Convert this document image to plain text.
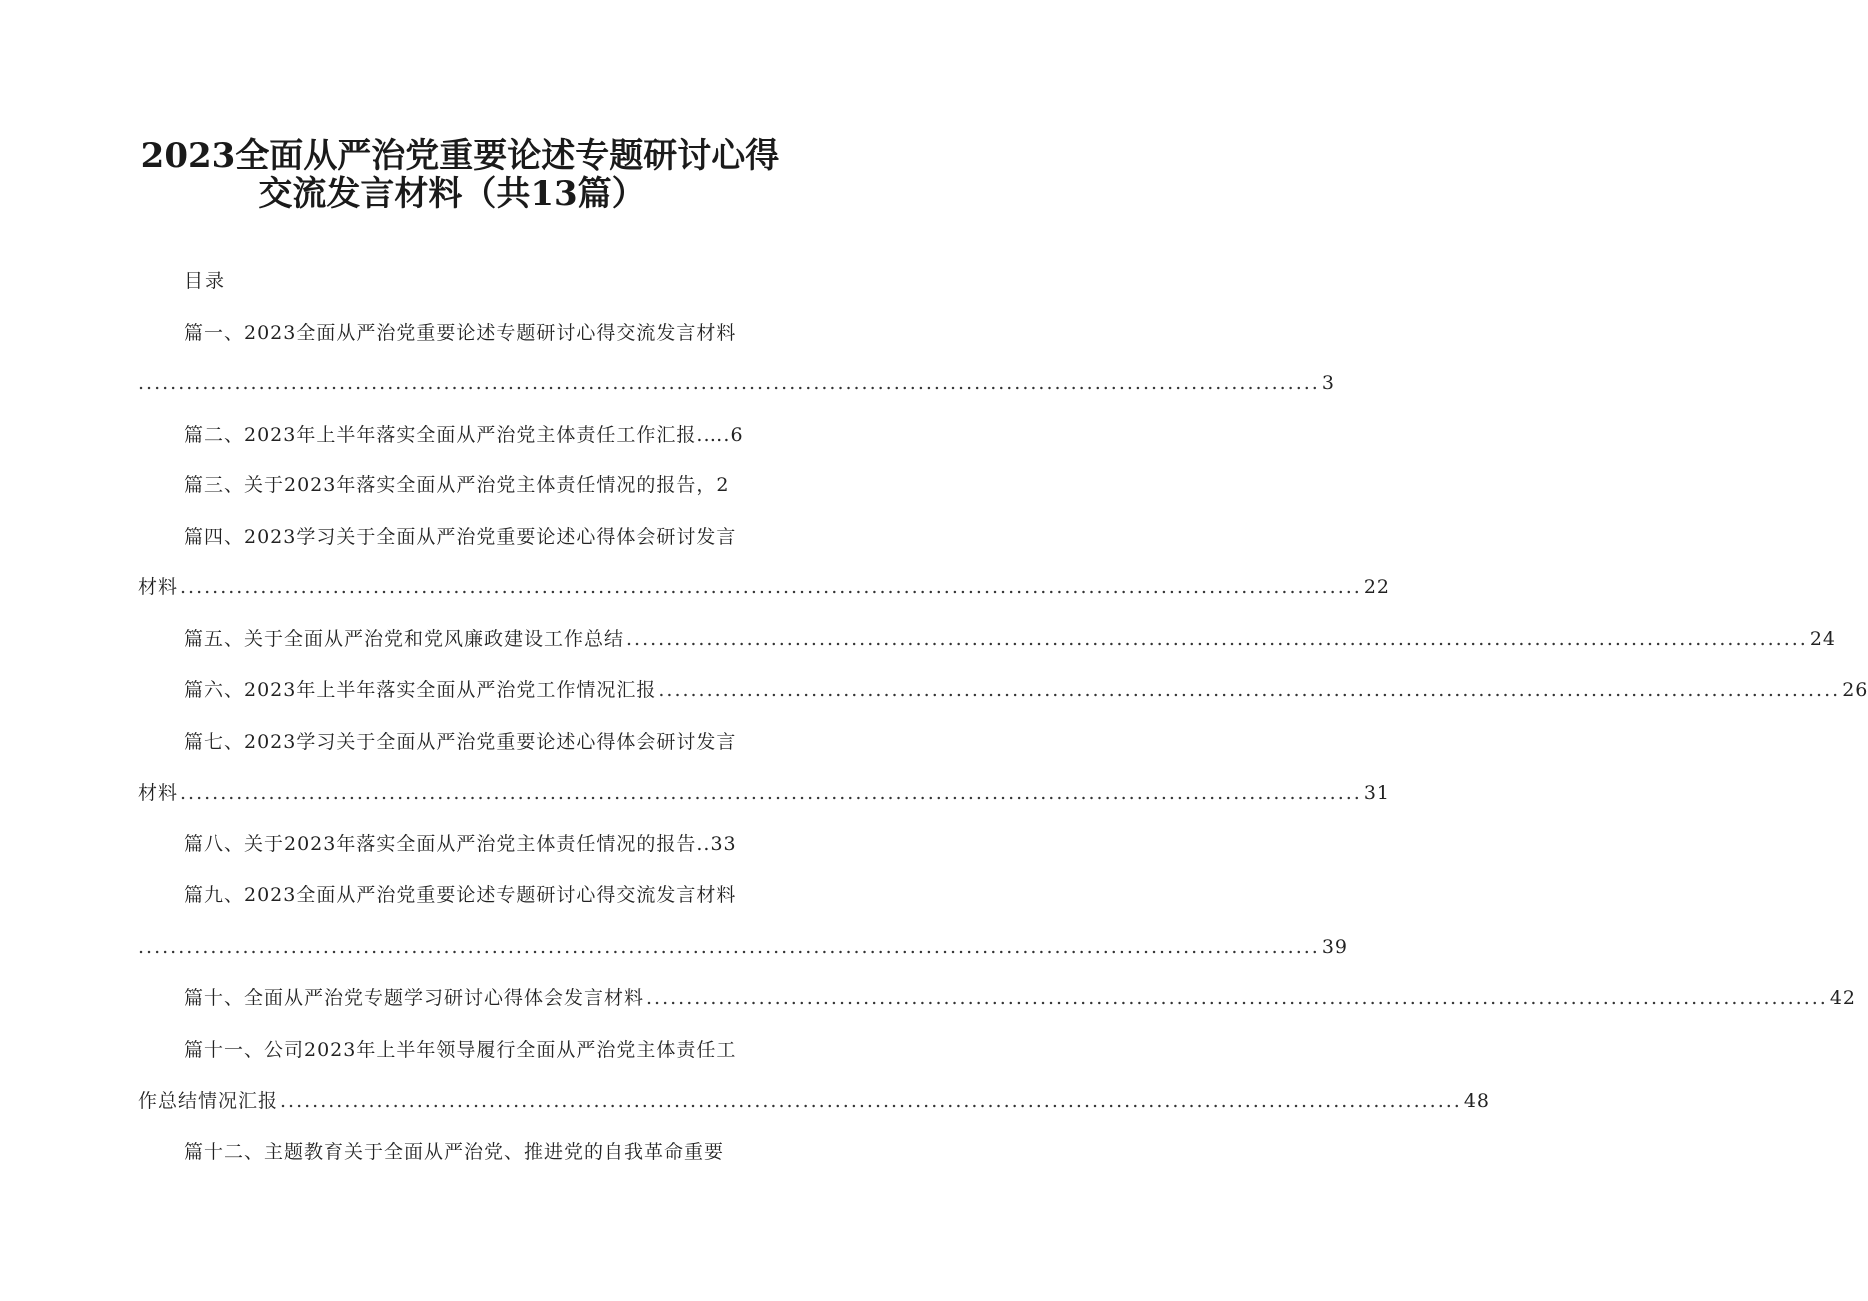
2023全面从严治党重要论述专题研讨心得
交流发言材料（共13篇）
目录
篇一、2023全面从严治党重要论述专题研讨心得交流发言材料
................................................................................................................................................... 3
篇二、2023年上半年落实全面从严治党主体责任工作汇报.….6
篇三、关于2023年落实全面从严治党主体责任情况的报告，2
篇四、2023学习关于全面从严治党重要论述心得体会研讨发言
材料 ................................................................................................................................................... 22
篇五、关于全面从严治党和党风廉政建设工作总结 ................................................................................................................................................... 24
篇六、2023年上半年落实全面从严治党工作情况汇报 ................................................................................................................................................... 26
篇七、2023学习关于全面从严治党重要论述心得体会研讨发言
材料 ................................................................................................................................................... 31
篇八、关于2023年落实全面从严治党主体责任情况的报告..33
篇九、2023全面从严治党重要论述专题研讨心得交流发言材料
................................................................................................................................................... 39
篇十、全面从严治党专题学习研讨心得体会发言材料 ................................................................................................................................................... 42
篇十一、公司2023年上半年领导履行全面从严治党主体责任工
作总结情况汇报 ................................................................................................................................................... 48
篇十二、主题教育关于全面从严治党、推进党的自我革命重要
